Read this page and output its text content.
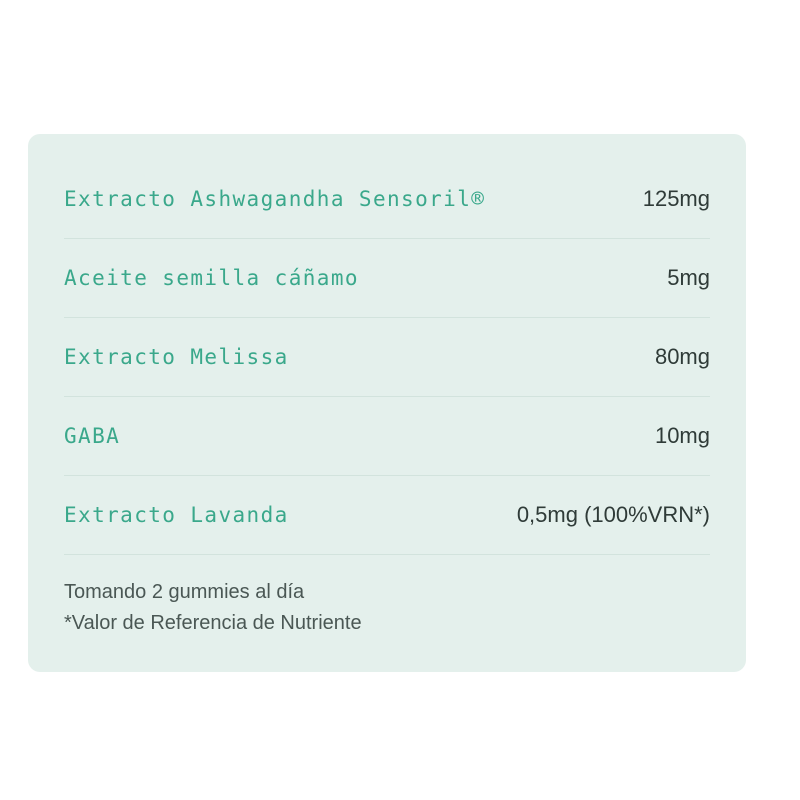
Extracto Ashwagandha Sensoril®	125mg
Aceite semilla cáñamo	5mg
Extracto Melissa	80mg
GABA	10mg
Extracto Lavanda	0,5mg (100%VRN*)
Tomando 2 gummies al día
*Valor de Referencia de Nutriente
